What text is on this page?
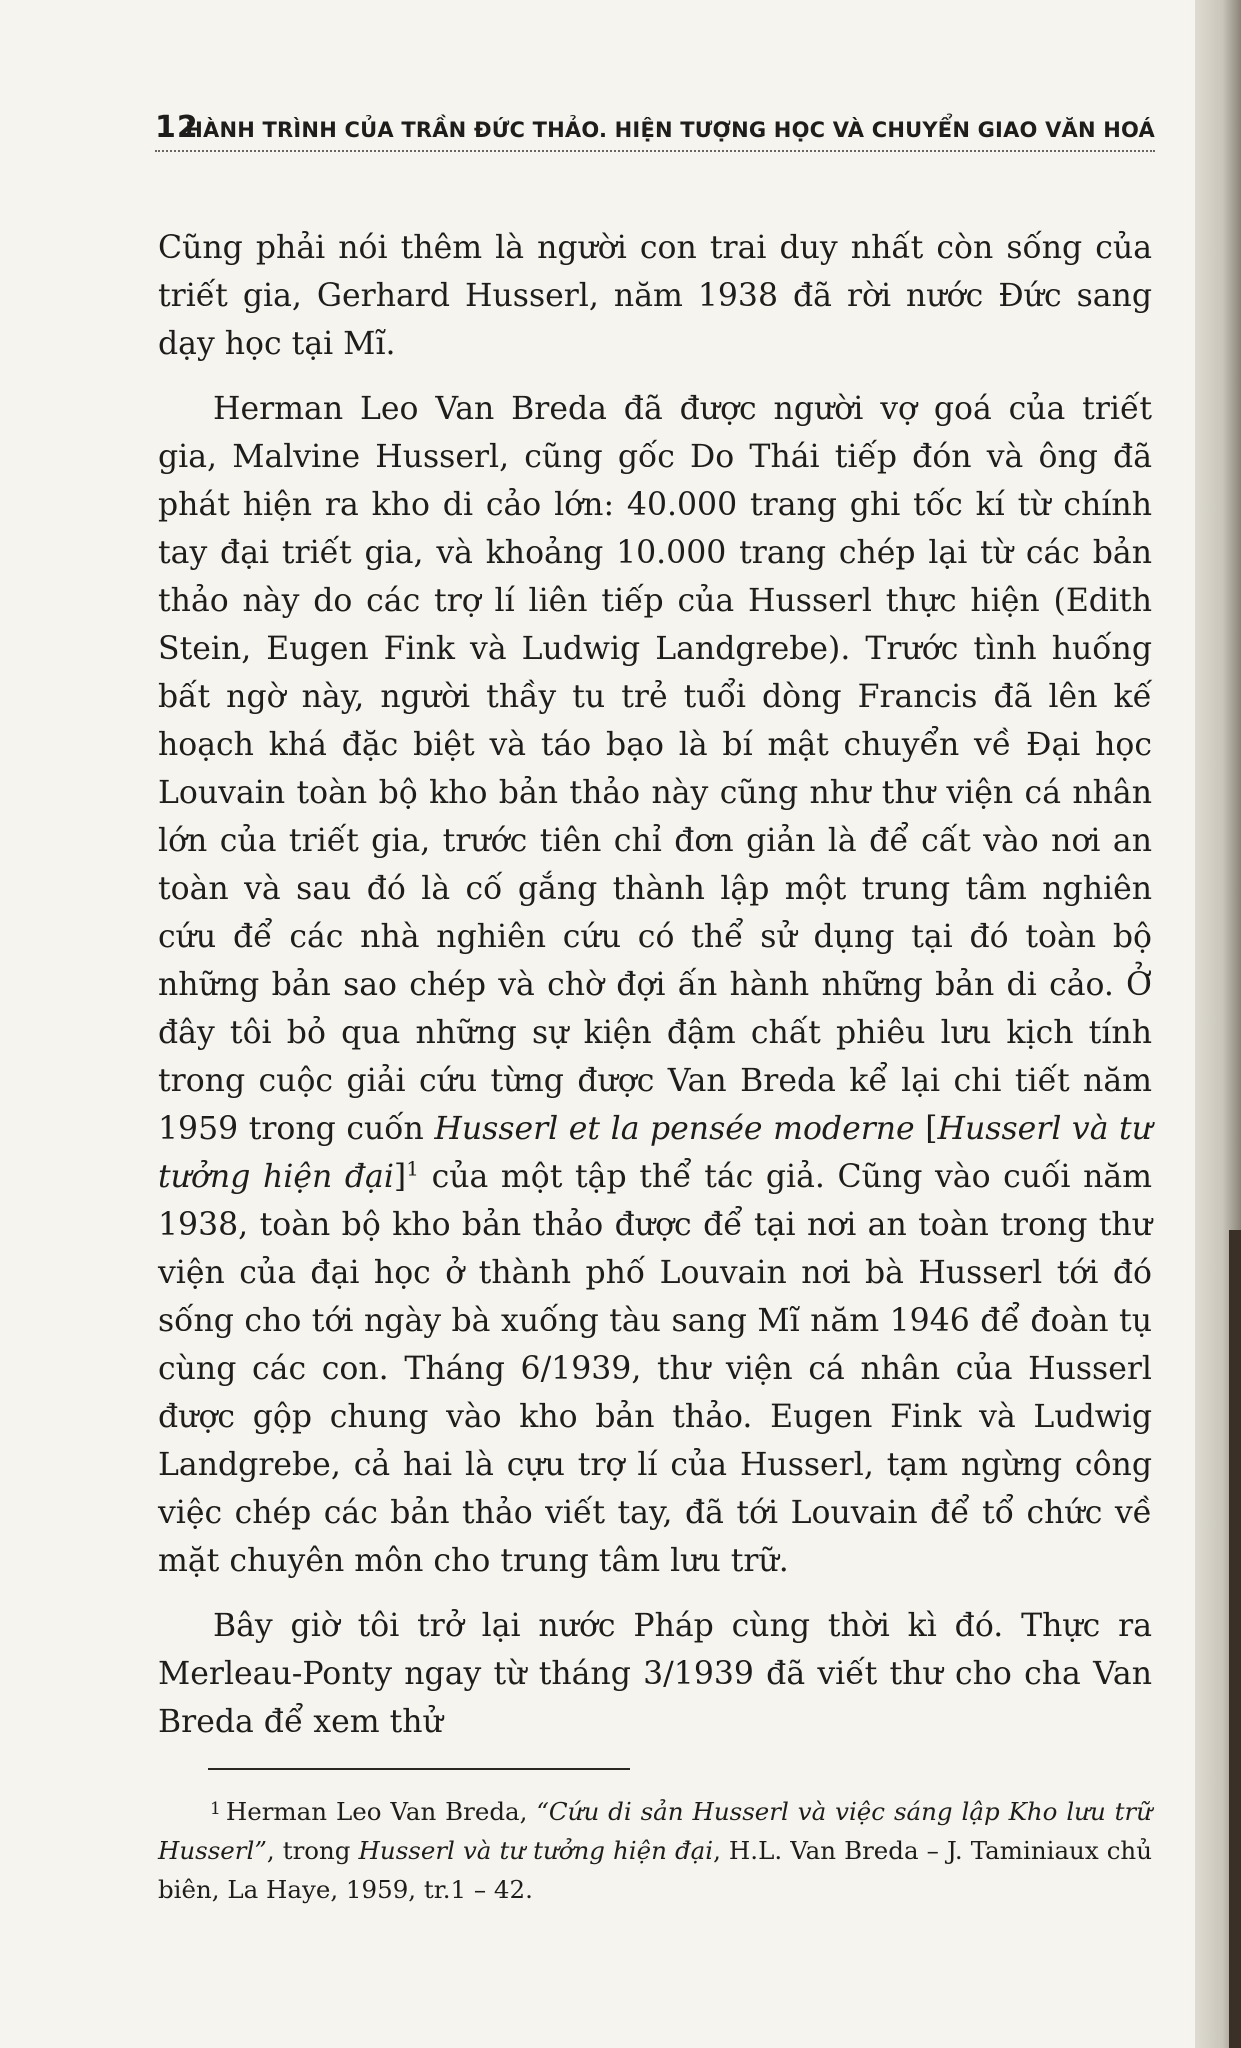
12
HÀNH TRÌNH CỦA TRẦN ĐỨC THẢO. HIỆN TƯỢNG HỌC VÀ CHUYỂN GIAO VĂN HOÁ

Cũng phải nói thêm là người con trai duy nhất còn sống của triết gia, Gerhard Husserl, năm 1938 đã rời nước Đức sang dạy học tại Mĩ.

Herman Leo Van Breda đã được người vợ goá của triết gia, Malvine Husserl, cũng gốc Do Thái tiếp đón và ông đã phát hiện ra kho di cảo lớn: 40.000 trang ghi tốc kí từ chính tay đại triết gia, và khoảng 10.000 trang chép lại từ các bản thảo này do các trợ lí liên tiếp của Husserl thực hiện (Edith Stein, Eugen Fink và Ludwig Landgrebe). Trước tình huống bất ngờ này, người thầy tu trẻ tuổi dòng Francis đã lên kế hoạch khá đặc biệt và táo bạo là bí mật chuyển về Đại học Louvain toàn bộ kho bản thảo này cũng như thư viện cá nhân lớn của triết gia, trước tiên chỉ đơn giản là để cất vào nơi an toàn và sau đó là cố gắng thành lập một trung tâm nghiên cứu để các nhà nghiên cứu có thể sử dụng tại đó toàn bộ những bản sao chép và chờ đợi ấn hành những bản di cảo. Ở đây tôi bỏ qua những sự kiện đậm chất phiêu lưu kịch tính trong cuộc giải cứu từng được Van Breda kể lại chi tiết năm 1959 trong cuốn Husserl et la pensée moderne [Husserl và tư tưởng hiện đại]$^1$ của một tập thể tác giả. Cũng vào cuối năm 1938, toàn bộ kho bản thảo được để tại nơi an toàn trong thư viện của đại học ở thành phố Louvain nơi bà Husserl tới đó sống cho tới ngày bà xuống tàu sang Mĩ năm 1946 để đoàn tụ cùng các con. Tháng 6/1939, thư viện cá nhân của Husserl được gộp chung vào kho bản thảo. Eugen Fink và Ludwig Landgrebe, cả hai là cựu trợ lí của Husserl, tạm ngừng công việc chép các bản thảo viết tay, đã tới Louvain để tổ chức về mặt chuyên môn cho trung tâm lưu trữ.

Bây giờ tôi trở lại nước Pháp cùng thời kì đó. Thực ra Merleau-Ponty ngay từ tháng 3/1939 đã viết thư cho cha Van Breda để xem thử

$^1$ Herman Leo Van Breda, “Cứu di sản Husserl và việc sáng lập Kho lưu trữ Husserl”, trong Husserl và tư tưởng hiện đại, H.L. Van Breda – J. Taminiaux chủ biên, La Haye, 1959, tr.1 – 42.
